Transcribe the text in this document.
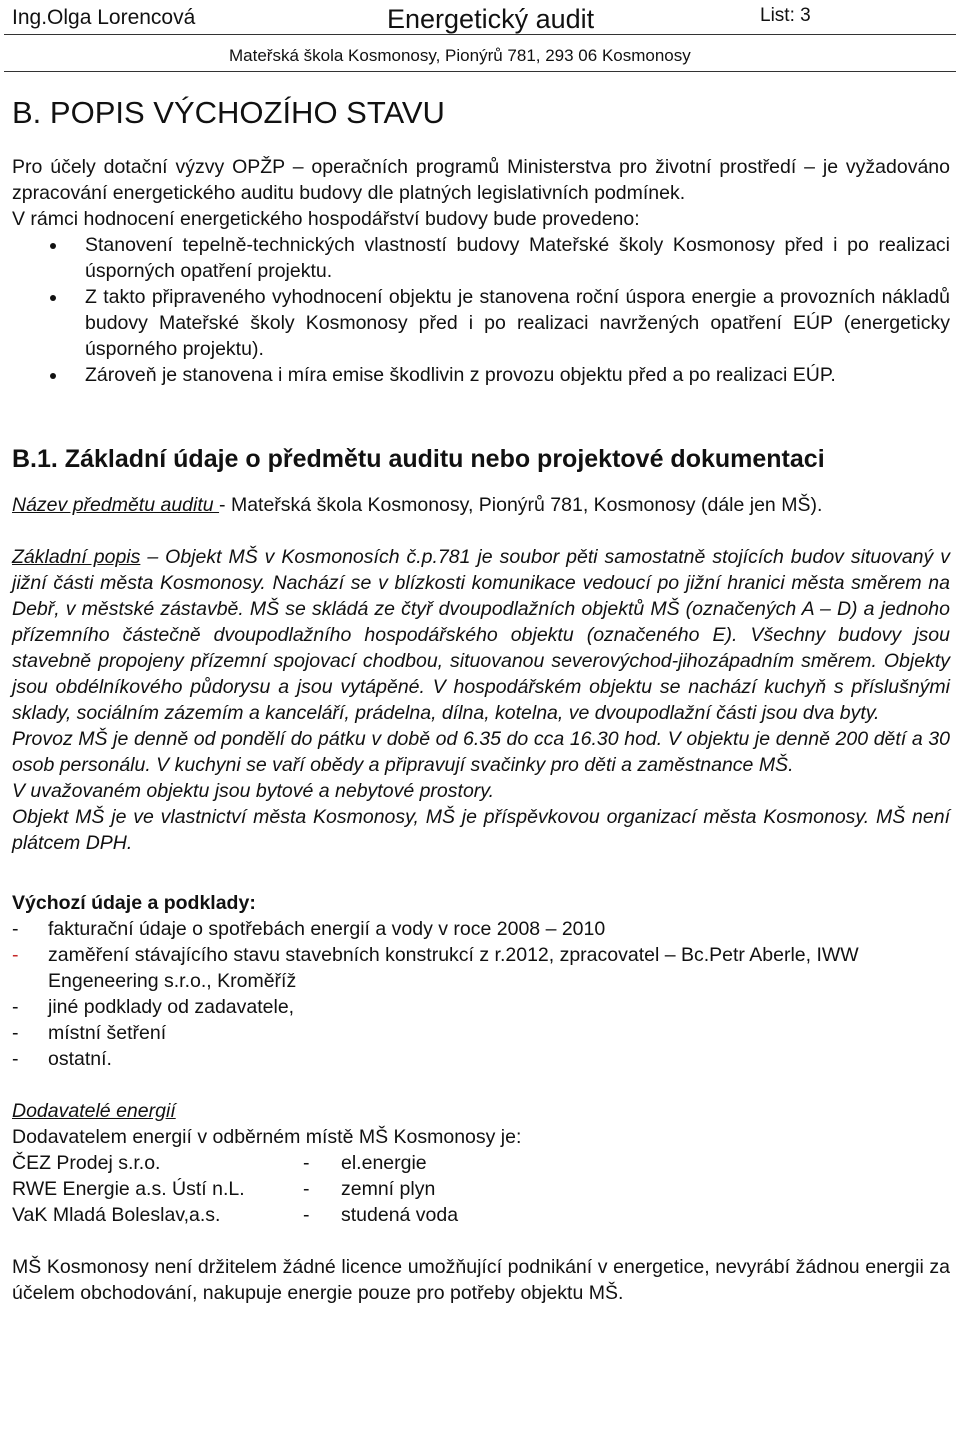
Ing.Olga Lorencová	Energetický audit	List: 3
Mateřská škola Kosmonosy, Pionýrů 781, 293 06 Kosmonosy
B. POPIS VÝCHOZÍHO STAVU

Pro účely dotační výzvy OPŽP – operačních programů Ministerstva pro životní prostředí – je vyžadováno zpracování energetického auditu budovy dle platných legislativních podmínek.

V rámci hodnocení energetického hospodářství budovy bude provedeno:

Stanovení tepelně-technických vlastností budovy Mateřské školy Kosmonosy před i po realizaci úsporných opatření projektu.
Z takto připraveného vyhodnocení objektu je stanovena roční úspora energie a provozních nákladů budovy Mateřské školy Kosmonosy před i po realizaci navržených opatření EÚP (energeticky úsporného projektu).
Zároveň je stanovena i míra emise škodlivin z provozu objektu před a po realizaci EÚP.
B.1. Základní údaje o předmětu auditu nebo projektové dokumentaci

Název předmětu auditu - Mateřská škola Kosmonosy, Pionýrů 781, Kosmonosy (dále jen MŠ).

Základní popis – Objekt MŠ v Kosmonosích č.p.781 je soubor pěti samostatně stojících budov situovaný v jižní části města Kosmonosy. Nachází se v blízkosti komunikace vedoucí po jižní hranici města směrem na Debř, v městské zástavbě. MŠ se skládá ze čtyř dvoupodlažních objektů MŠ (označených A – D) a jednoho přízemního částečně dvoupodlažního hospodářského objektu (označeného E). Všechny budovy jsou stavebně propojeny přízemní spojovací chodbou, situovanou severovýchod-jihozápadním směrem. Objekty jsou obdélníkového půdorysu a jsou vytápěné. V hospodářském objektu se nachází kuchyň s příslušnými sklady, sociálním zázemím a kanceláří, prádelna, dílna, kotelna, ve dvoupodlažní části jsou dva byty.

Provoz MŠ je denně od pondělí do pátku v době od 6.35 do cca 16.30 hod. V objektu je denně 200 dětí a 30 osob personálu. V kuchyni se vaří obědy a připravují svačinky pro děti a zaměstnance MŠ.

V uvažovaném objektu jsou bytové a nebytové prostory.

Objekt MŠ je ve vlastnictví města Kosmonosy, MŠ je příspěvkovou organizací města Kosmonosy. MŠ není plátcem DPH.

Výchozí údaje a podklady:

- fakturační údaje o spotřebách energií a vody v roce 2008 – 2010
- zaměření stávajícího stavu stavebních konstrukcí z r.2012, zpracovatel – Bc.Petr Aberle, IWW Engeneering s.r.o., Kroměříž
- jiné podklady od zadavatele,
- místní šetření
- ostatní.

Dodavatelé energií

Dodavatelem energií v odběrném místě MŠ Kosmonosy je:

ČEZ Prodej s.r.o.	-	el.energie
RWE Energie a.s. Ústí n.L.	-	zemní plyn
VaK Mladá Boleslav,a.s.	-	studená voda

MŠ Kosmonosy není držitelem žádné licence umožňující podnikání v energetice, nevyrábí žádnou energii za účelem obchodování, nakupuje energie pouze pro potřeby objektu MŠ.
